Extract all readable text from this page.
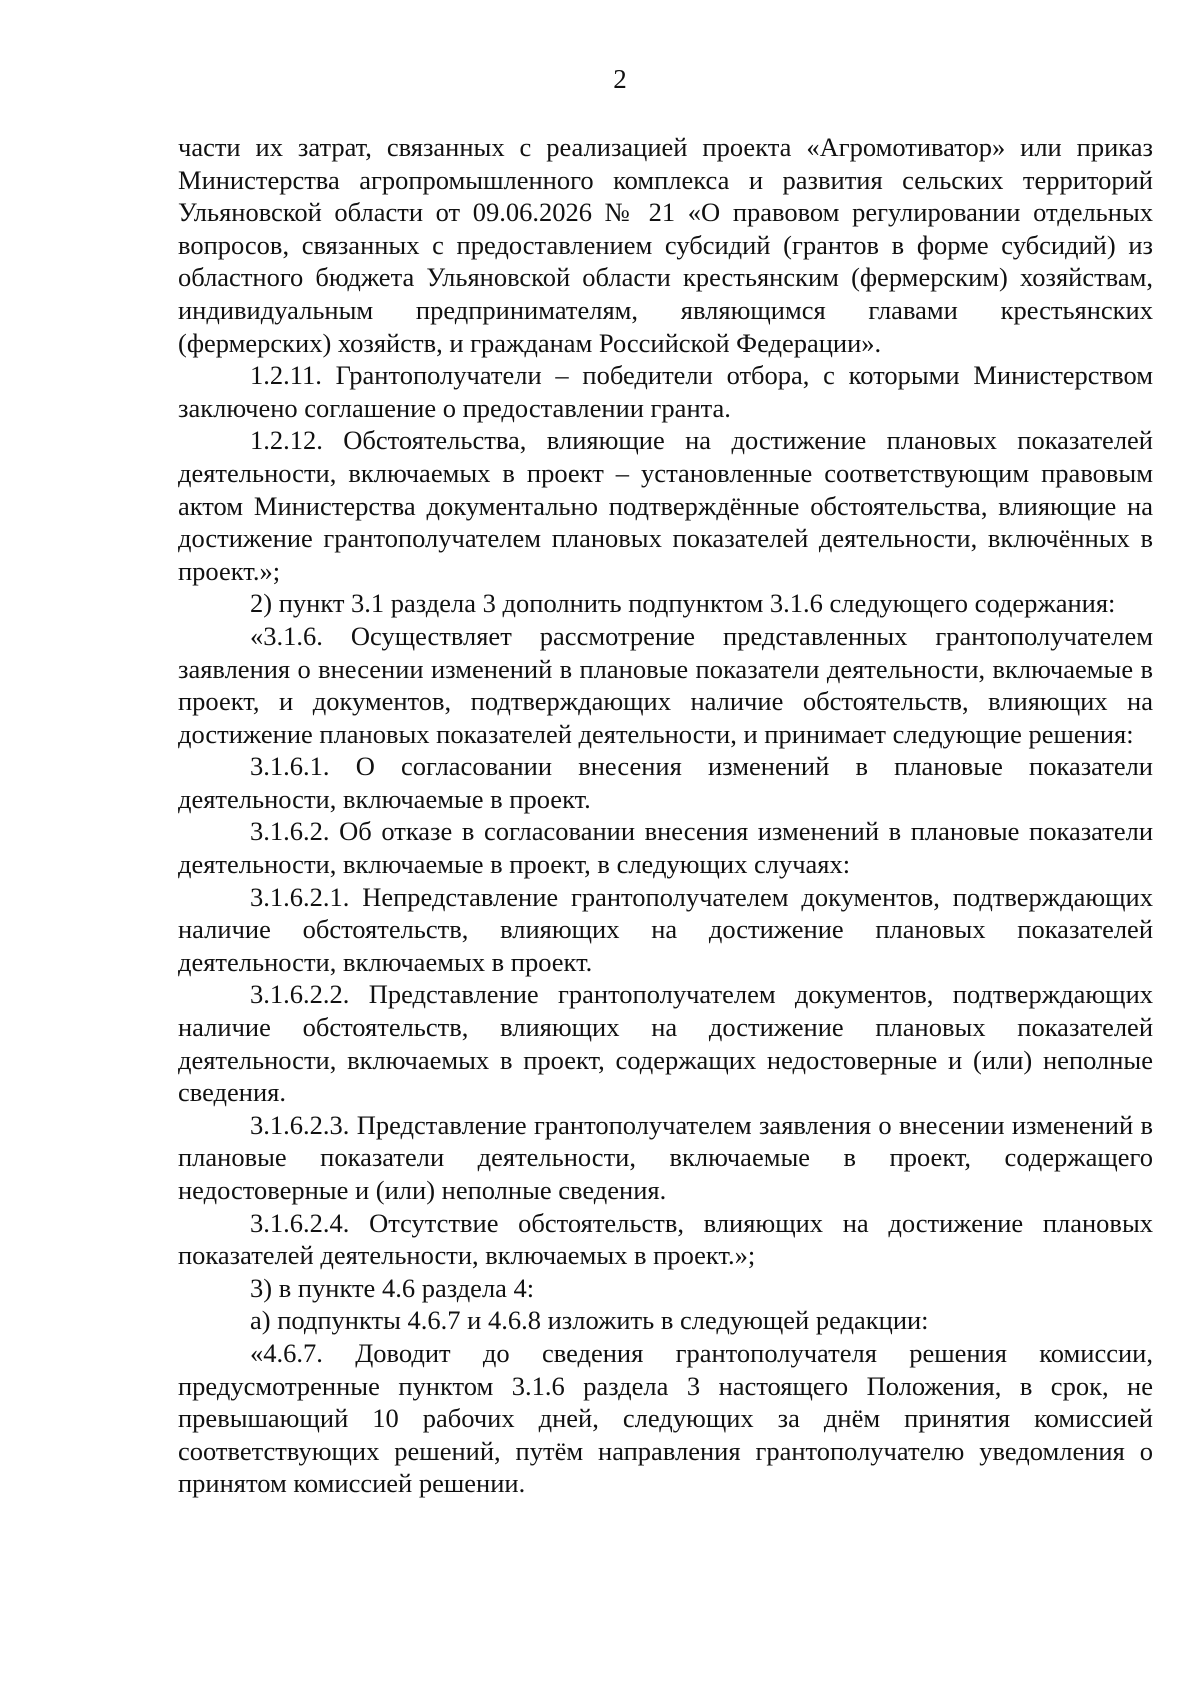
2

части их затрат, связанных с реализацией проекта «Агромотиватор» или приказ Министерства агропромышленного комплекса и развития сельских территорий Ульяновской области от 09.06.2026 № 21 «О правовом регулировании отдельных вопросов, связанных с предоставлением субсидий (грантов в форме субсидий) из областного бюджета Ульяновской области крестьянским (фермерским) хозяйствам, индивидуальным предпринимателям, являющимся главами крестьянских (фермерских) хозяйств, и гражданам Российской Федерации».

1.2.11. Грантополучатели – победители отбора, с которыми Министерством заключено соглашение о предоставлении гранта.

1.2.12. Обстоятельства, влияющие на достижение плановых показателей деятельности, включаемых в проект – установленные соответствующим правовым актом Министерства документально подтверждённые обстоятельства, влияющие на достижение грантополучателем плановых показателей деятельности, включённых в проект.»;

2) пункт 3.1 раздела 3 дополнить подпунктом 3.1.6 следующего содержания:

«3.1.6. Осуществляет рассмотрение представленных грантополучателем заявления о внесении изменений в плановые показатели деятельности, включаемые в проект, и документов, подтверждающих наличие обстоятельств, влияющих на достижение плановых показателей деятельности, и принимает следующие решения:

3.1.6.1. О согласовании внесения изменений в плановые показатели деятельности, включаемые в проект.

3.1.6.2. Об отказе в согласовании внесения изменений в плановые показатели деятельности, включаемые в проект, в следующих случаях:

3.1.6.2.1. Непредставление грантополучателем документов, подтверждающих наличие обстоятельств, влияющих на достижение плановых показателей деятельности, включаемых в проект.

3.1.6.2.2. Представление грантополучателем документов, подтверждающих наличие обстоятельств, влияющих на достижение плановых показателей деятельности, включаемых в проект, содержащих недостоверные и (или) неполные сведения.

3.1.6.2.3. Представление грантополучателем заявления о внесении изменений в плановые показатели деятельности, включаемые в проект, содержащего недостоверные и (или) неполные сведения.

3.1.6.2.4. Отсутствие обстоятельств, влияющих на достижение плановых показателей деятельности, включаемых в проект.»;

3) в пункте 4.6 раздела 4:

а) подпункты 4.6.7 и 4.6.8 изложить в следующей редакции:

«4.6.7. Доводит до сведения грантополучателя решения комиссии, предусмотренные пунктом 3.1.6 раздела 3 настоящего Положения, в срок, не превышающий 10 рабочих дней, следующих за днём принятия комиссией соответствующих решений, путём направления грантополучателю уведомления о принятом комиссией решении.
